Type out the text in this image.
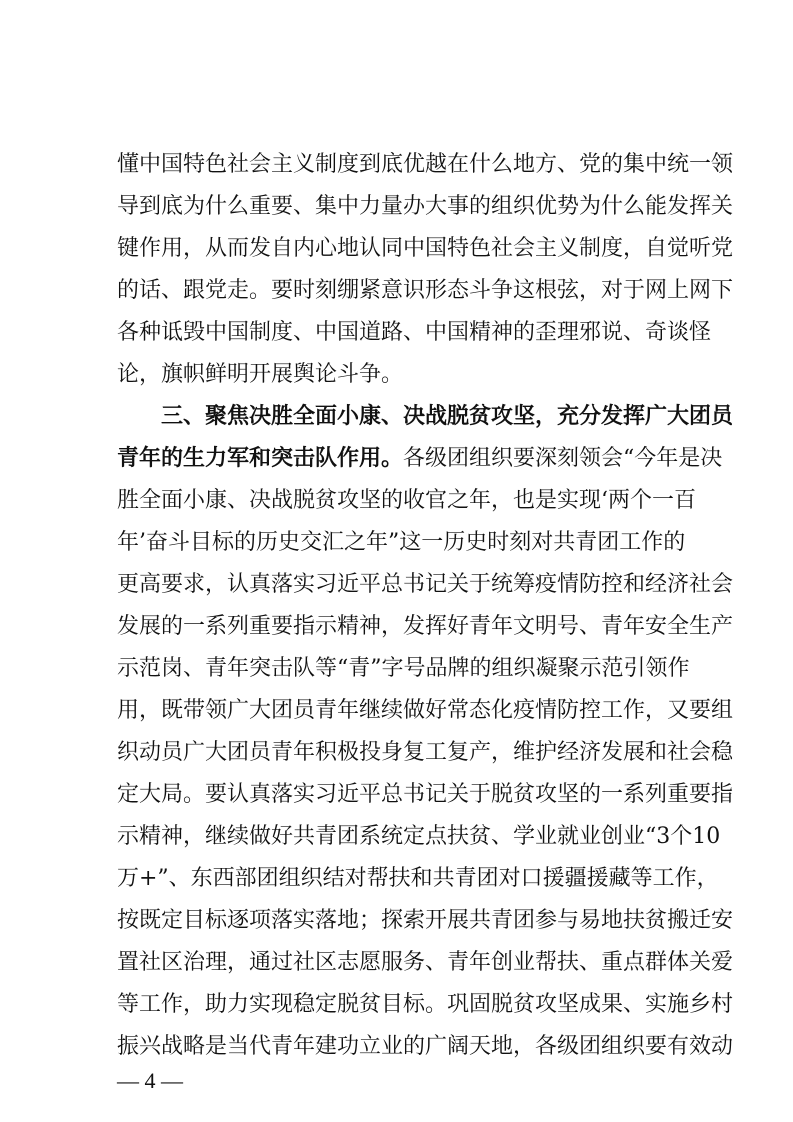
懂中国特色社会主义制度到底优越在什么地方、党的集中统一领
导到底为什么重要、集中力量办大事的组织优势为什么能发挥关
键作用，从而发自内心地认同中国特色社会主义制度，自觉听党
的话、跟党走。要时刻绷紧意识形态斗争这根弦，对于网上网下
各种诋毁中国制度、中国道路、中国精神的歪理邪说、奇谈怪
论，旗帜鲜明开展舆论斗争。
三、聚焦决胜全面小康、决战脱贫攻坚，充分发挥广大团员
青年的生力军和突击队作用。各级团组织要深刻领会“今年是决
胜全面小康、决战脱贫攻坚的收官之年，也是实现‘两个一百
年’奋斗目标的历史交汇之年”这一历史时刻对共青团工作的
更高要求，认真落实习近平总书记关于统筹疫情防控和经济社会
发展的一系列重要指示精神，发挥好青年文明号、青年安全生产
示范岗、青年突击队等“青”字号品牌的组织凝聚示范引领作
用，既带领广大团员青年继续做好常态化疫情防控工作，又要组
织动员广大团员青年积极投身复工复产，维护经济发展和社会稳
定大局。要认真落实习近平总书记关于脱贫攻坚的一系列重要指
示精神，继续做好共青团系统定点扶贫、学业就业创业“3个10
万+”、东西部团组织结对帮扶和共青团对口援疆援藏等工作，
按既定目标逐项落实落地；探索开展共青团参与易地扶贫搬迁安
置社区治理，通过社区志愿服务、青年创业帮扶、重点群体关爱
等工作，助力实现稳定脱贫目标。巩固脱贫攻坚成果、实施乡村
振兴战略是当代青年建功立业的广阔天地，各级团组织要有效动
— 4 —
